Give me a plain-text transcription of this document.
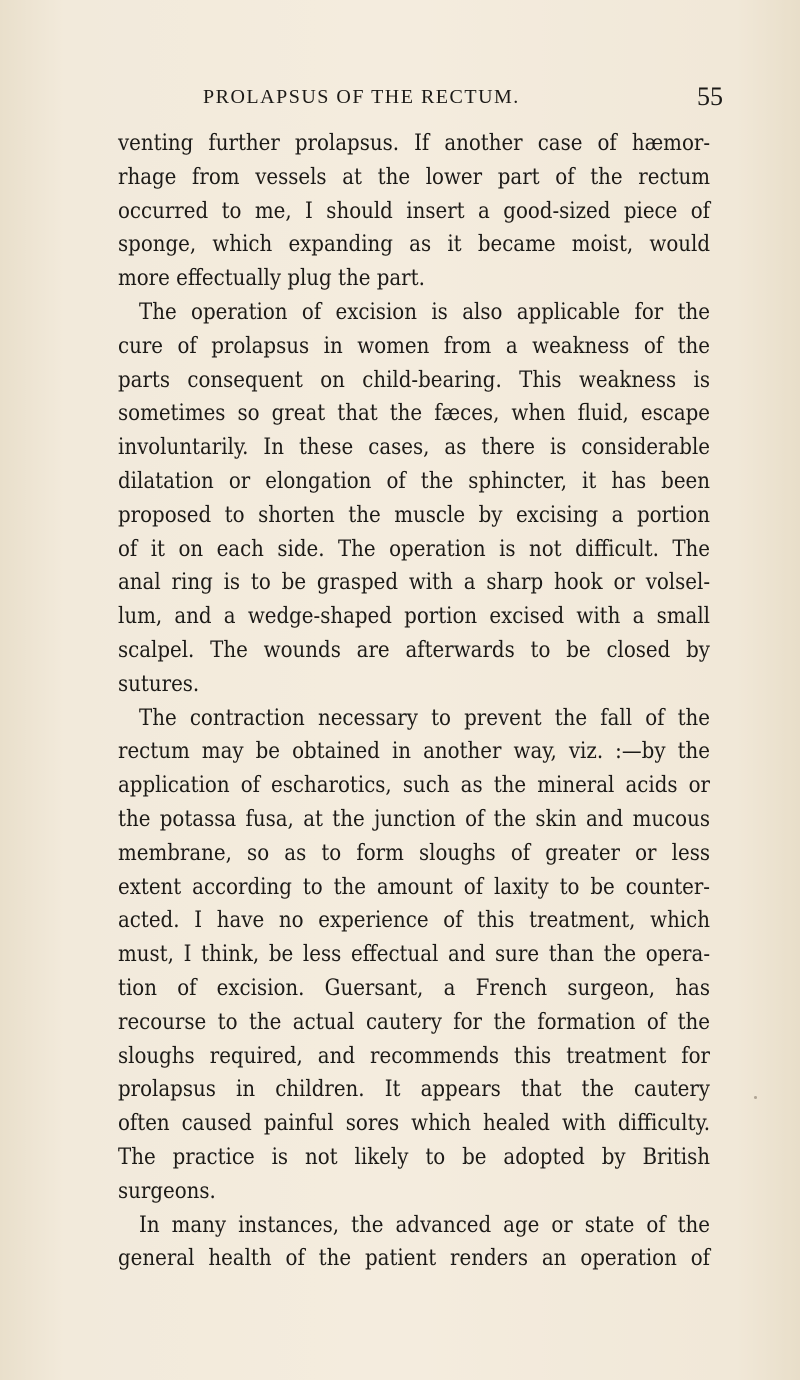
PROLAPSUS OF THE RECTUM.	55
venting further prolapsus. If another case of hæmor-
rhage from vessels at the lower part of the rectum
occurred to me, I should insert a good-sized piece of
sponge, which expanding as it became moist, would
more effectually plug the part.
The operation of excision is also applicable for the
cure of prolapsus in women from a weakness of the
parts consequent on child-bearing. This weakness is
sometimes so great that the fæces, when fluid, escape
involuntarily. In these cases, as there is considerable
dilatation or elongation of the sphincter, it has been
proposed to shorten the muscle by excising a portion
of it on each side. The operation is not difficult. The
anal ring is to be grasped with a sharp hook or volsel-
lum, and a wedge-shaped portion excised with a small
scalpel. The wounds are afterwards to be closed by
sutures.
The contraction necessary to prevent the fall of the
rectum may be obtained in another way, viz. :—by the
application of escharotics, such as the mineral acids or
the potassa fusa, at the junction of the skin and mucous
membrane, so as to form sloughs of greater or less
extent according to the amount of laxity to be counter-
acted. I have no experience of this treatment, which
must, I think, be less effectual and sure than the opera-
tion of excision. Guersant, a French surgeon, has
recourse to the actual cautery for the formation of the
sloughs required, and recommends this treatment for
prolapsus in children. It appears that the cautery
often caused painful sores which healed with difficulty.
The practice is not likely to be adopted by British
surgeons.
In many instances, the advanced age or state of the
general health of the patient renders an operation of
